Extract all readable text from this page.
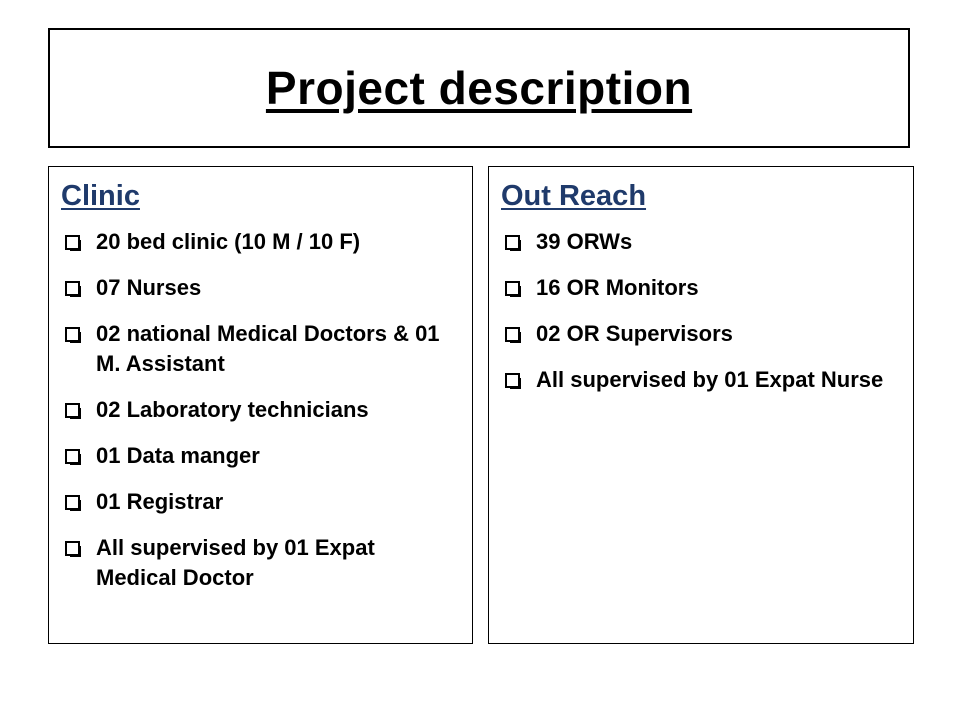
Project description
Clinic
20 bed clinic (10 M / 10 F)
07 Nurses
02 national Medical Doctors & 01 M. Assistant
02 Laboratory technicians
01 Data manger
01 Registrar
All supervised by 01 Expat Medical Doctor
Out Reach
39 ORWs
16 OR Monitors
02 OR Supervisors
All supervised by 01 Expat Nurse
